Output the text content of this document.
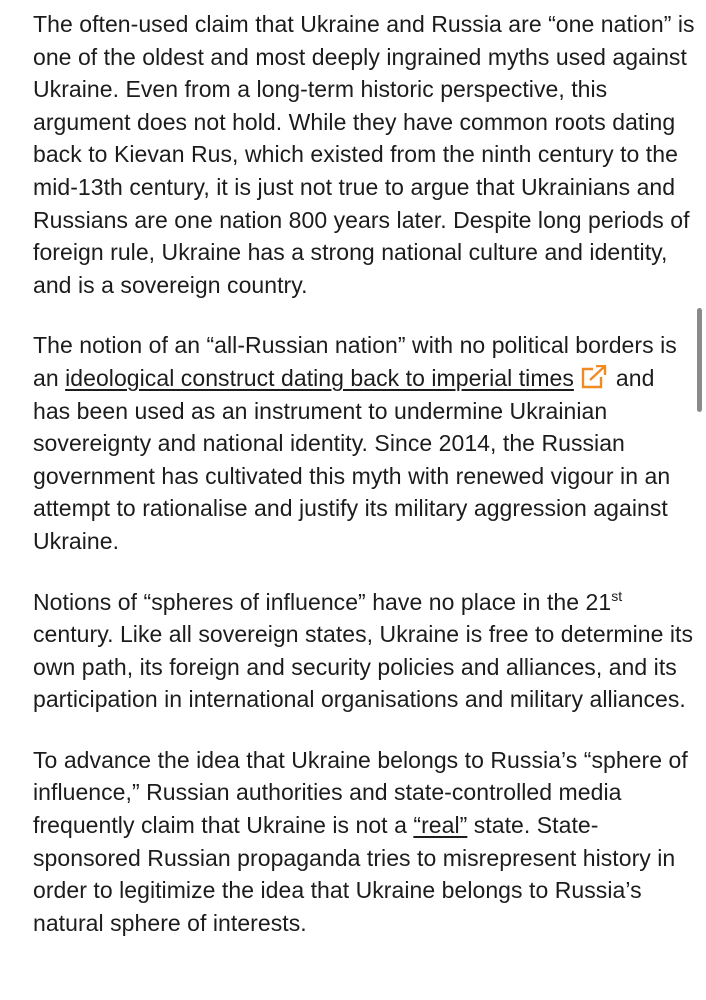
The often-used claim that Ukraine and Russia are “one nation” is one of the oldest and most deeply ingrained myths used against Ukraine. Even from a long-term historic perspective, this argument does not hold. While they have common roots dating back to Kievan Rus, which existed from the ninth century to the mid-13th century, it is just not true to argue that Ukrainians and Russians are one nation 800 years later. Despite long periods of foreign rule, Ukraine has a strong national culture and identity, and is a sovereign country.

The notion of an “all-Russian nation” with no political borders is an ideological construct dating back to imperial times and has been used as an instrument to undermine Ukrainian sovereignty and national identity. Since 2014, the Russian government has cultivated this myth with renewed vigour in an attempt to rationalise and justify its military aggression against Ukraine.

Notions of “spheres of influence” have no place in the 21st century. Like all sovereign states, Ukraine is free to determine its own path, its foreign and security policies and alliances, and its participation in international organisations and military alliances.

To advance the idea that Ukraine belongs to Russia’s “sphere of influence,” Russian authorities and state-controlled media frequently claim that Ukraine is not a “real” state. State-sponsored Russian propaganda tries to misrepresent history in order to legitimize the idea that Ukraine belongs to Russia’s natural sphere of interests.
